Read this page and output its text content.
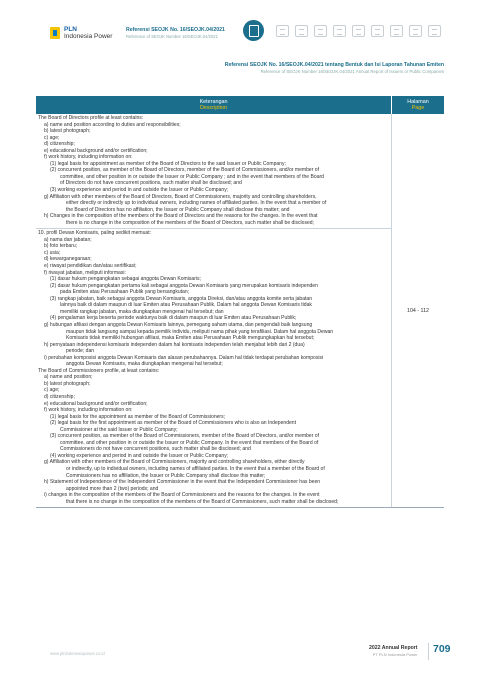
PLN
Indonesia Power
Referensi SEOJK No. 16/SEOJK.04/2021
Reference of SEOJK Number 16/SEOJK.04/2021
Referensi SEOJK No. 16/SEOJK.04/2021 tentang Bentuk dan Isi Laporan Tahunan Emiten
Reference of SEOJK Number 16/SEOJK.04/2021 Annual Report of Issuers or Public Companies
Keterangan
Description
Halaman
Page
The Board of Directors profile at least contains:
a) name and position according to duties and responsibilities;
b) latest photograph;
c) age;
d) citizenship;
e) educational background and/or certification;
f) work history, including information on:
(1) legal basis for appointment as member of the Board of Directors to the said Issuer or Public Company;
(2) concurrent position, as member of the Board of Directors, member of the Board of Commissioners, and/or member of
committee, and other position in or outside the Issuer or Public Company ; and in the event that members of the Board
of Directors do not have concurrent positions, such matter shall be disclosed; and
(3) working experience and period in and outside the Issuer or Public Company;
g) Affiliation with other members of the Board of Directors, Board of Commissioners, majority and controlling shareholders,
either directly or indirectly up to individual owners, including names of affiliated parties. In the event that a member of
the Board of Directors has no affiliation, the Issuer or Public Company shall disclose this matter; and
h) Changes in the composition of the members of the Board of Directors and the reasons for the changes. In the event that
there is no change in the composition of the members of the Board of Directors, such matter shall be disclosed;
10. profil Dewan Komisaris, paling sedikit memuat:
a) nama dan jabatan;
b) foto terbaru;
c) usia;
d) kewarganegaraan;
e) riwayat pendidikan dan/atau sertifikasi;
f) riwayat jabatan, meliputi informasi:
(1) dasar hukum pengangkatan sebagai anggota Dewan Komisaris;
(2) dasar hukum pengangkatan pertama kali sebagai anggota Dewan Komisaris yang merupakan komisaris independen
pada Emiten atau Perusahaan Publik yang bersangkutan;
(3) rangkap jabatan, baik sebagai anggota Dewan Komisaris, anggota Direksi, dan/atau anggota komite serta jabatan
lainnya baik di dalam maupun di luar Emiten atau Perusahaan Publik. Dalam hal anggota Dewan Komisaris tidak
memiliki rangkap jabatan, maka diungkapkan mengenai hal tersebut; dan
(4) pengalaman kerja beserta periode waktunya baik di dalam maupun di luar Emiten atau Perusahaan Publik;
g) hubungan afiliasi dengan anggota Dewan Komisaris lainnya, pemegang saham utama, dan pengendali baik langsung
maupun tidak langsung sampai kepada pemilik individu, meliputi nama pihak yang terafiliasi. Dalam hal anggota Dewan
Komisaris tidak memiliki hubungan afiliasi, maka Emiten atau Perusahaan Publik mengungkapkan hal tersebut;
h) pernyataan independensi komisaris independen dalam hal komisaris independen telah menjabat lebih dari 2 (dua)
periode; dan
i) perubahan komposisi anggota Dewan Komisaris dan alasan perubahannya. Dalam hal tidak terdapat perubahan komposisi
anggota Dewan Komisaris, maka diungkapkan mengenai hal tersebut;
The Board of Commissioners profile, at least contains:
a) name and position;
b) latest photograph;
c) age;
d) citizenship;
e) educational background and/or certification;
f) work history, including information on:
(1) legal basis for the appointment as member of the Board of Commissioners;
(2) legal basis for the first appointment as member of the Board of Commissioners who is also an Independent
Commissioner at the said Issuer or Public Company;
(3) concurrent position, as member of the Board of Commissioners, member of the Board of Directors, and/or member of
committee, and other position in or outside the Issuer or Public Company. In the event that members of the Board of
Commissioners do not have concurrent positions, such matter shall be disclosed; and
(4) working experience and period in and outside the Issuer or Public Company;
g) Affiliation with other members of the Board of Commissioners, majority and controlling shareholders, either directly
or indirectly, up to individual owners, including names of affiliated parties. In the event that a member of the Board of
Commissioners has no affiliation, the Issuer or Public Company shall disclose this matter;
h) Statement of Independence of the Independent Commissioner in the event that the Independent Commissioner has been
appointed more than 2 (two) periods; and
i) changes in the composition of the members of the Board of Commissioners and the reasons for the changes. In the event
that there is no change in the composition of the members of the Board of Commissioners, such matter shall be disclosed;
104 - 112
www.plnindonesiapower.co.id
2022 Annual Report
PT PLN Indonesia Power 709
